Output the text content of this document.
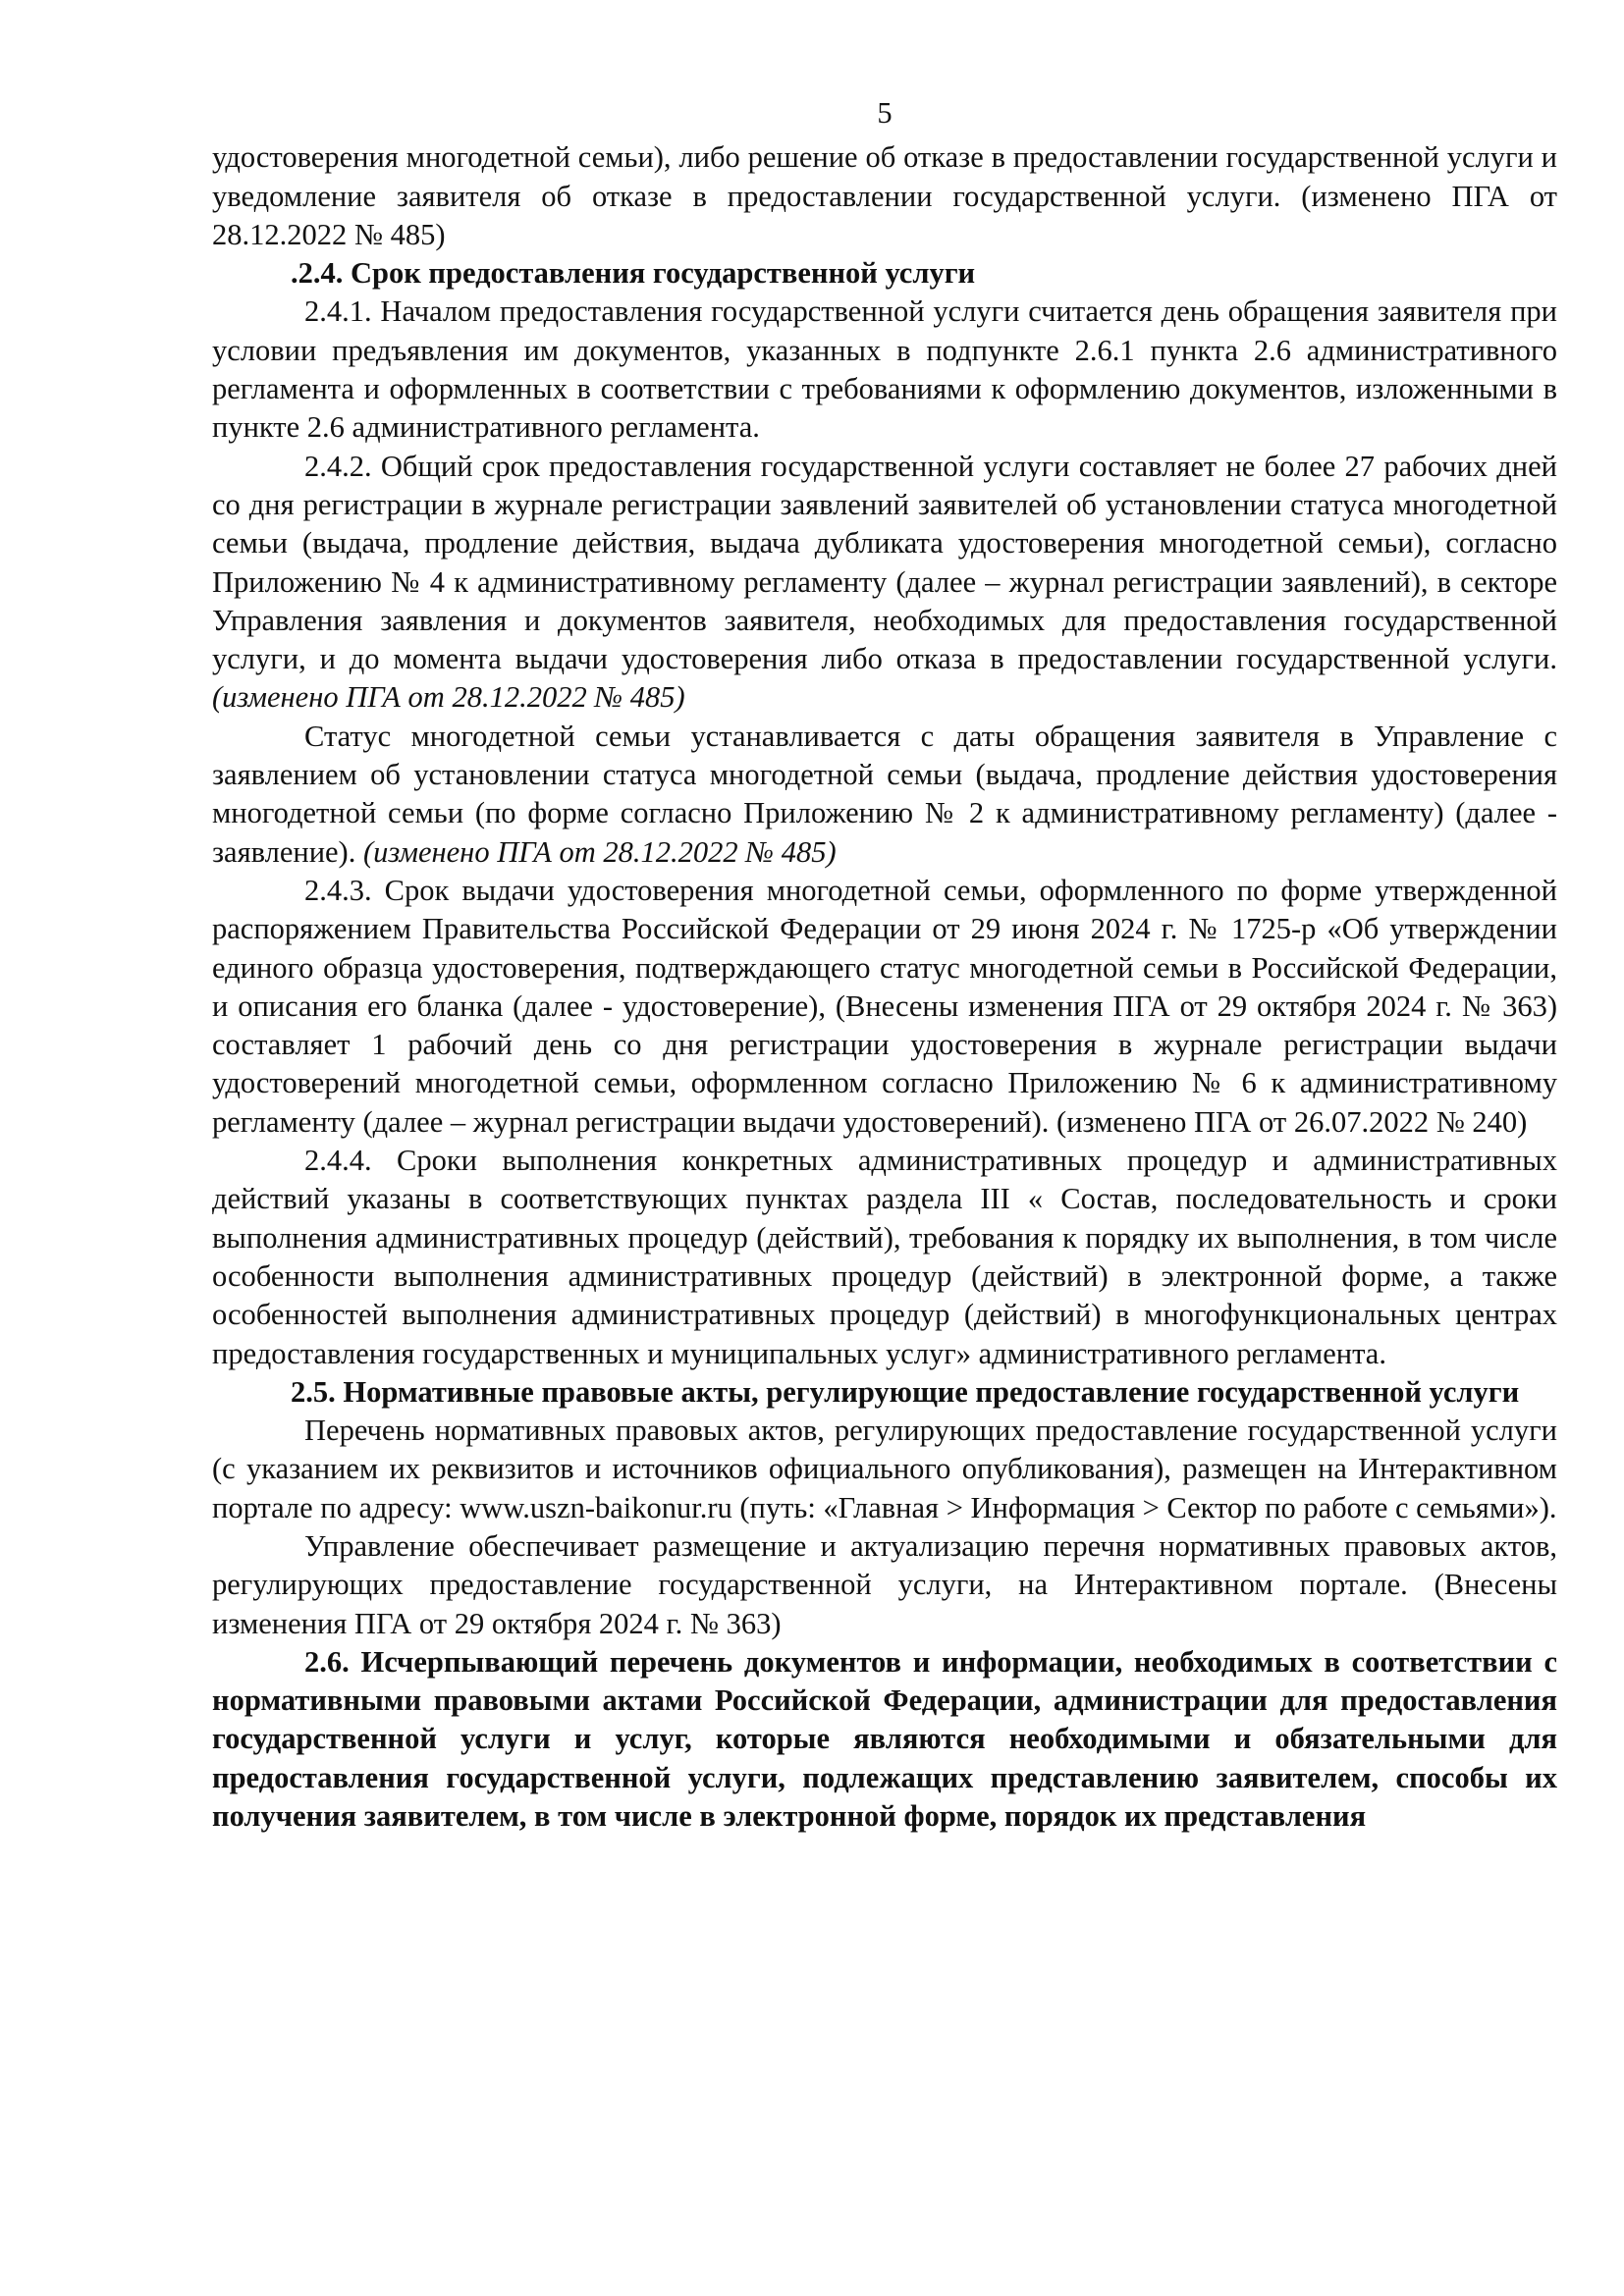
5

удостоверения многодетной семьи), либо решение об отказе в предоставлении государственной услуги и уведомление заявителя об отказе в предоставлении государственной услуги. (изменено ПГА от 28.12.2022 № 485)

.2.4. Срок предоставления государственной услуги

2.4.1. Началом предоставления государственной услуги считается день обращения заявителя при условии предъявления им документов, указанных в подпункте 2.6.1 пункта 2.6 административного регламента и оформленных в соответствии с требованиями к оформлению документов, изложенными в пункте 2.6 административного регламента.

2.4.2. Общий срок предоставления государственной услуги составляет не более 27 рабочих дней со дня регистрации в журнале регистрации заявлений заявителей об установлении статуса многодетной семьи (выдача, продление действия, выдача дубликата удостоверения многодетной семьи), согласно Приложению № 4 к административному регламенту (далее – журнал регистрации заявлений), в секторе Управления заявления и документов заявителя, необходимых для предоставления государственной услуги, и до момента выдачи удостоверения либо отказа в предоставлении государственной услуги. (изменено ПГА от 28.12.2022 № 485)

Статус многодетной семьи устанавливается с даты обращения заявителя в Управление с заявлением об установлении статуса многодетной семьи (выдача, продление действия удостоверения многодетной семьи (по форме согласно Приложению № 2 к административному регламенту) (далее - заявление). (изменено ПГА от 28.12.2022 № 485)

2.4.3. Срок выдачи удостоверения многодетной семьи, оформленного по форме утвержденной распоряжением Правительства Российской Федерации от 29 июня 2024 г. № 1725-р «Об утверждении единого образца удостоверения, подтверждающего статус многодетной семьи в Российской Федерации, и описания его бланка (далее - удостоверение), (Внесены изменения ПГА от 29 октября 2024 г. № 363) составляет 1 рабочий день со дня регистрации удостоверения в журнале регистрации выдачи удостоверений многодетной семьи, оформленном согласно Приложению № 6 к административному регламенту (далее – журнал регистрации выдачи удостоверений). (изменено ПГА от 26.07.2022 № 240)

2.4.4. Сроки выполнения конкретных административных процедур и административных действий указаны в соответствующих пунктах раздела III « Состав, последовательность и сроки выполнения административных процедур (действий), требования к порядку их выполнения, в том числе особенности выполнения административных процедур (действий) в электронной форме, а также особенностей выполнения административных процедур (действий) в многофункциональных центрах предоставления государственных и муниципальных услуг» административного регламента.

2.5. Нормативные правовые акты, регулирующие предоставление государственной услуги

Перечень нормативных правовых актов, регулирующих предоставление государственной услуги (с указанием их реквизитов и источников официального опубликования), размещен на Интерактивном портале по адресу: www.uszn-baikonur.ru (путь: «Главная > Информация > Сектор по работе с семьями»).

Управление обеспечивает размещение и актуализацию перечня нормативных правовых актов, регулирующих предоставление государственной услуги, на Интерактивном портале. (Внесены изменения ПГА от 29 октября 2024 г. № 363)

2.6. Исчерпывающий перечень документов и информации, необходимых в соответствии с нормативными правовыми актами Российской Федерации, администрации для предоставления государственной услуги и услуг, которые являются необходимыми и обязательными для предоставления государственной услуги, подлежащих представлению заявителем, способы их получения заявителем, в том числе в электронной форме, порядок их представления
